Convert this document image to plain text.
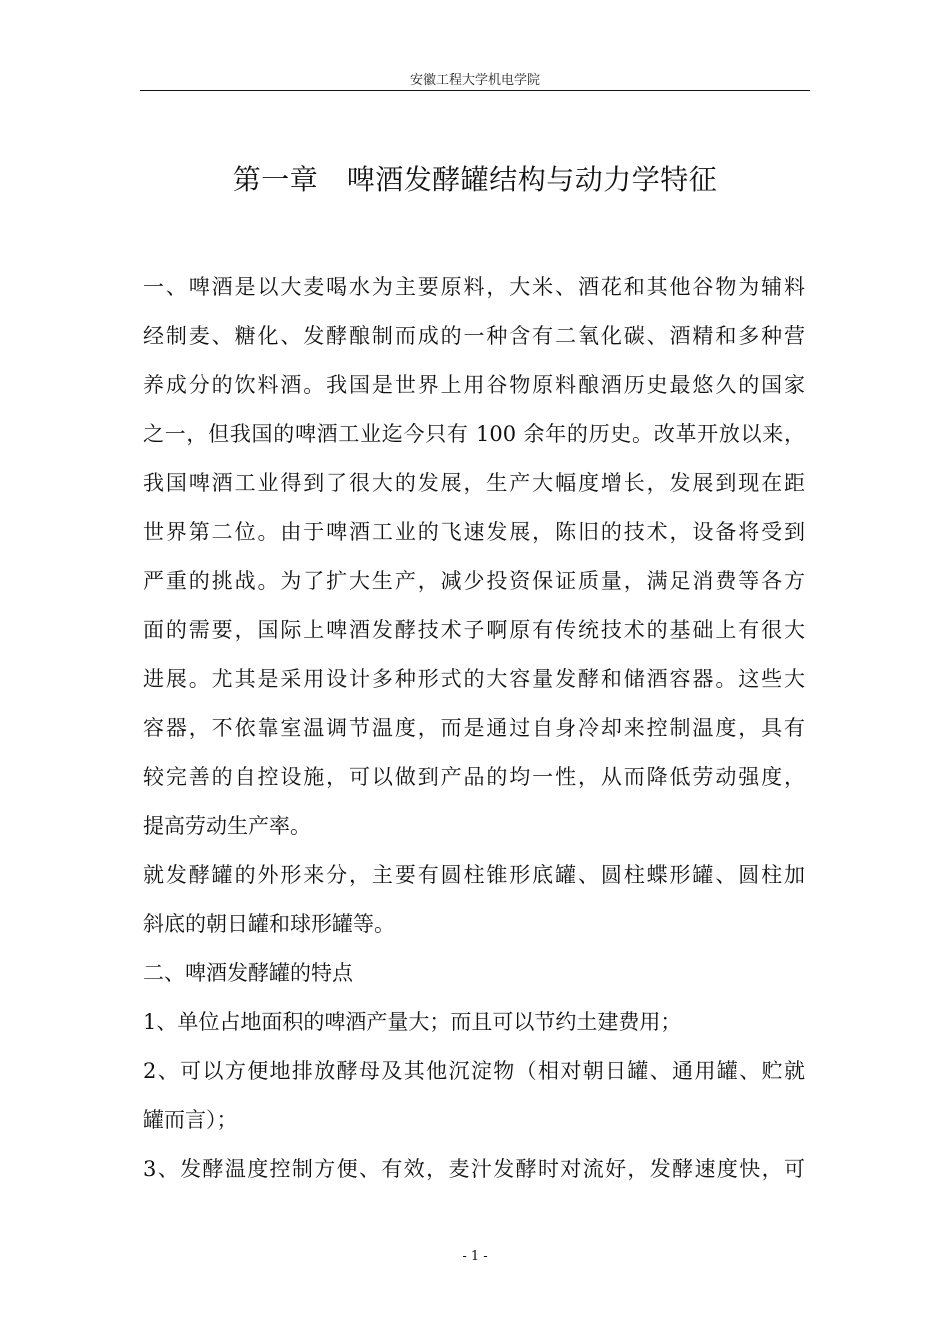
安徽工程大学机电学院
第一章　啤酒发酵罐结构与动力学特征
一、啤酒是以大麦喝水为主要原料，大米、酒花和其他谷物为辅料
经制麦、糖化、发酵酿制而成的一种含有二氧化碳、酒精和多种营
养成分的饮料酒。我国是世界上用谷物原料酿酒历史最悠久的国家
之一，但我国的啤酒工业迄今只有 100 余年的历史。改革开放以来，
我国啤酒工业得到了很大的发展，生产大幅度增长，发展到现在距
世界第二位。由于啤酒工业的飞速发展，陈旧的技术，设备将受到
严重的挑战。为了扩大生产，减少投资保证质量，满足消费等各方
面的需要，国际上啤酒发酵技术子啊原有传统技术的基础上有很大
进展。尤其是采用设计多种形式的大容量发酵和储酒容器。这些大
容器，不依靠室温调节温度，而是通过自身冷却来控制温度，具有
较完善的自控设施，可以做到产品的均一性，从而降低劳动强度，
提高劳动生产率。
就发酵罐的外形来分，主要有圆柱锥形底罐、圆柱蝶形罐、圆柱加
斜底的朝日罐和球形罐等。
二、啤酒发酵罐的特点
1、单位占地面积的啤酒产量大；而且可以节约土建费用；
2、可以方便地排放酵母及其他沉淀物（相对朝日罐、通用罐、贮就
罐而言）；
3、发酵温度控制方便、有效，麦汁发酵时对流好，发酵速度快，可
- 1 -
